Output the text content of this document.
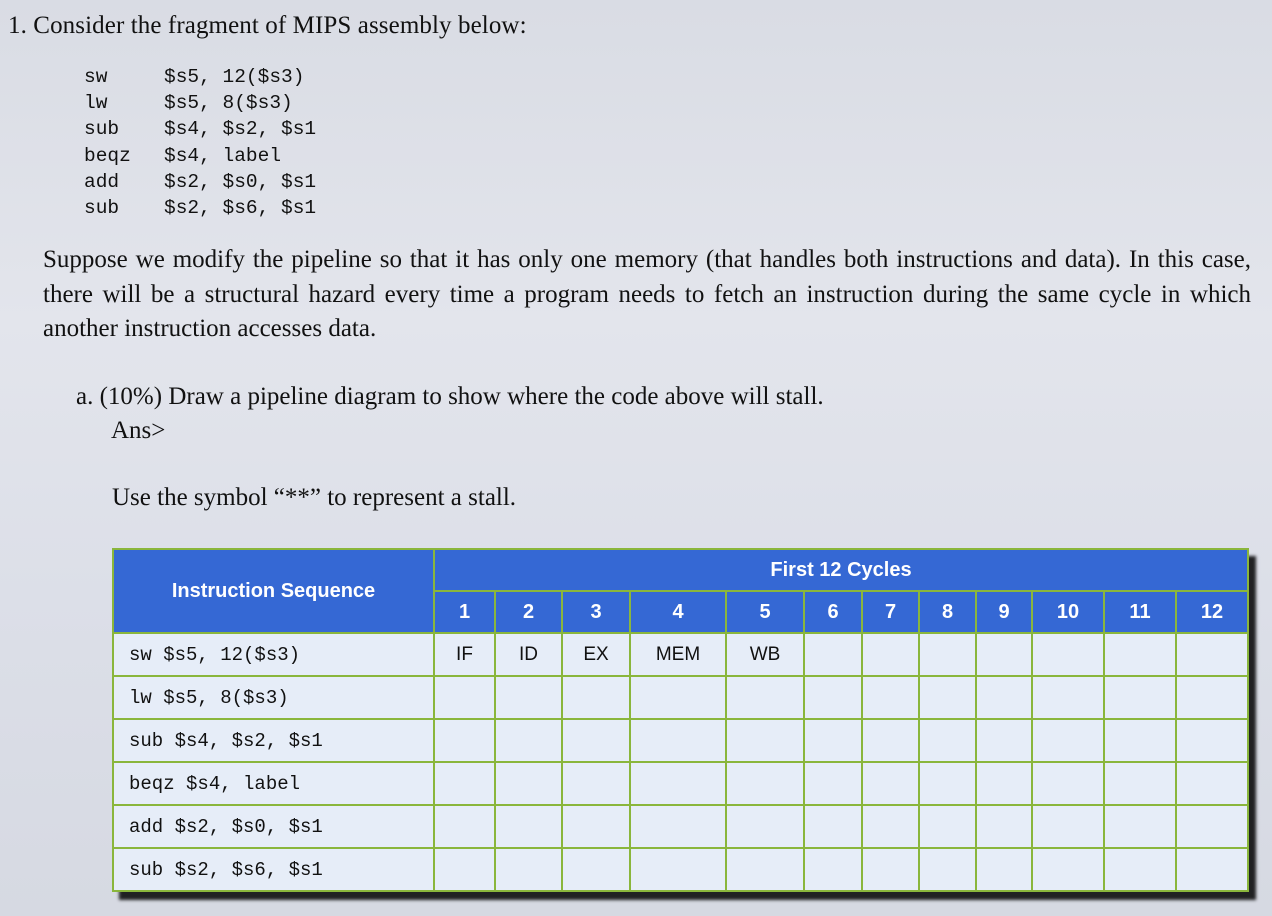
1. Consider the fragment of MIPS assembly below:
sw	$s5, 12($s3)
lw	$s5, 8($s3)
sub	$s4, $s2, $s1
beqz	$s4, label
add	$s2, $s0, $s1
sub	$s2, $s6, $s1
Suppose we modify the pipeline so that it has only one memory (that handles both instructions and data). In this case, there will be a structural hazard every time a program needs to fetch an instruction during the same cycle in which another instruction accesses data.
a. (10%) Draw a pipeline diagram to show where the code above will stall.
Ans>
Use the symbol “**” to represent a stall.
Instruction Sequence	First 12 Cycles											
	1	2	3	4	5	6	7	8	9	10	11	12
sw $s5, 12($s3)	IF	ID	EX	MEM	WB							
lw $s5, 8($s3)												
sub $s4, $s2, $s1												
beqz $s4, label												
add $s2, $s0, $s1												
sub $s2, $s6, $s1												
